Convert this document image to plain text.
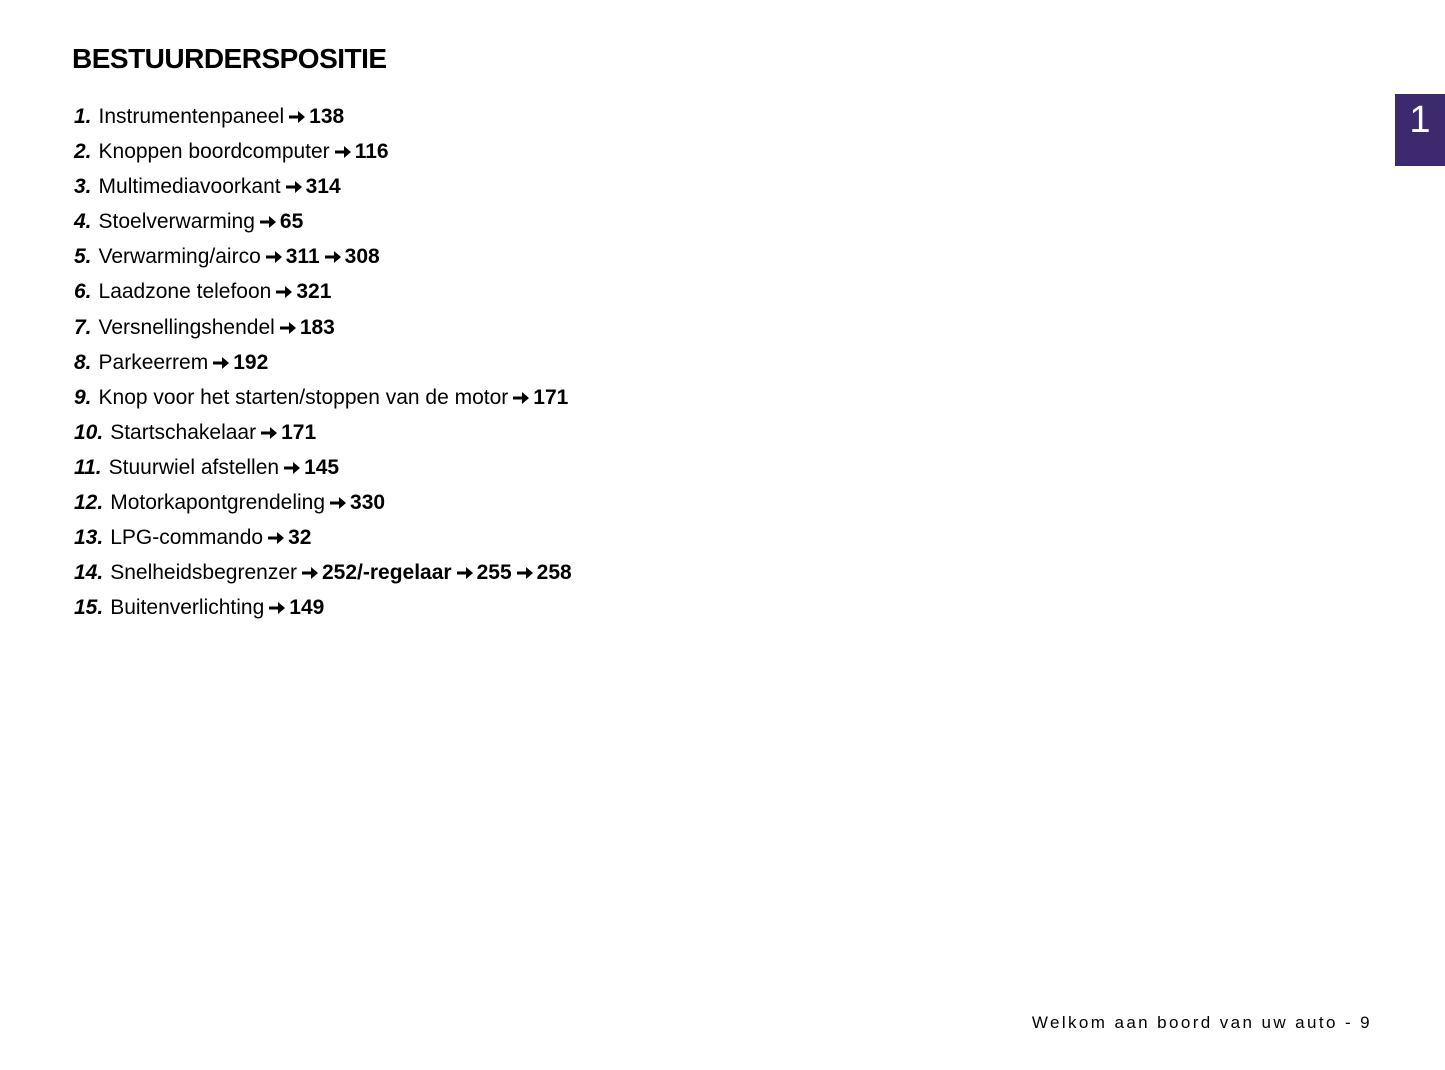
BESTUURDERSPOSITIE
1. Instrumentenpaneel 138
2. Knoppen boordcomputer 116
3. Multimediavoorkant 314
4. Stoelverwarming 65
5. Verwarming/airco 311 308
6. Laadzone telefoon 321
7. Versnellingshendel 183
8. Parkeerrem 192
9. Knop voor het starten/stoppen van de motor 171
10. Startschakelaar 171
11. Stuurwiel afstellen 145
12. Motorkapontgrendeling 330
13. LPG-commando 32
14. Snelheidsbegrenzer 252/-regelaar 255 258
15. Buitenverlichting 149
1
Welkom aan boord van uw auto - 9
